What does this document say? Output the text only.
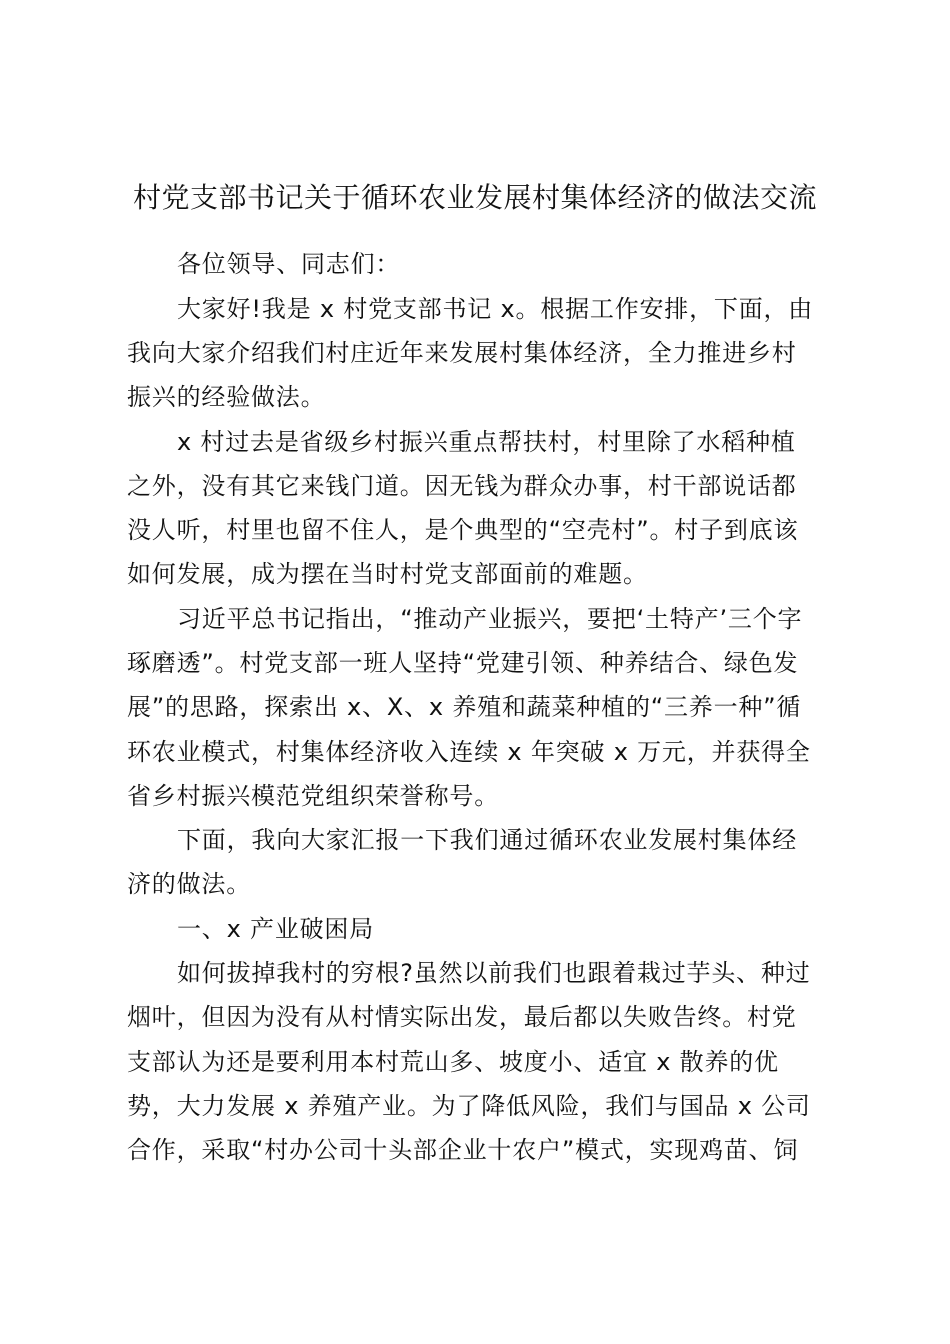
村党支部书记关于循环农业发展村集体经济的做法交流
各位领导、同志们：
大家好!我是 x 村党支部书记 x。根据工作安排，下面，由
我向大家介绍我们村庄近年来发展村集体经济，全力推进乡村
振兴的经验做法。
x 村过去是省级乡村振兴重点帮扶村，村里除了水稻种植
之外，没有其它来钱门道。因无钱为群众办事，村干部说话都
没人听，村里也留不住人，是个典型的“空壳村”。村子到底该
如何发展，成为摆在当时村党支部面前的难题。
习近平总书记指出，“推动产业振兴，要把‘土特产’三个字
琢磨透”。村党支部一班人坚持“党建引领、种养结合、绿色发
展”的思路，探索出 x、X、x 养殖和蔬菜种植的“三养一种”循
环农业模式，村集体经济收入连续 x 年突破 x 万元，并获得全
省乡村振兴模范党组织荣誉称号。
下面，我向大家汇报一下我们通过循环农业发展村集体经
济的做法。
一、x 产业破困局
如何拔掉我村的穷根?虽然以前我们也跟着栽过芋头、种过
烟叶，但因为没有从村情实际出发，最后都以失败告终。村党
支部认为还是要利用本村荒山多、坡度小、适宜 x 散养的优
势，大力发展 x 养殖产业。为了降低风险，我们与国品 x 公司
合作，采取“村办公司十头部企业十农户”模式，实现鸡苗、饲
